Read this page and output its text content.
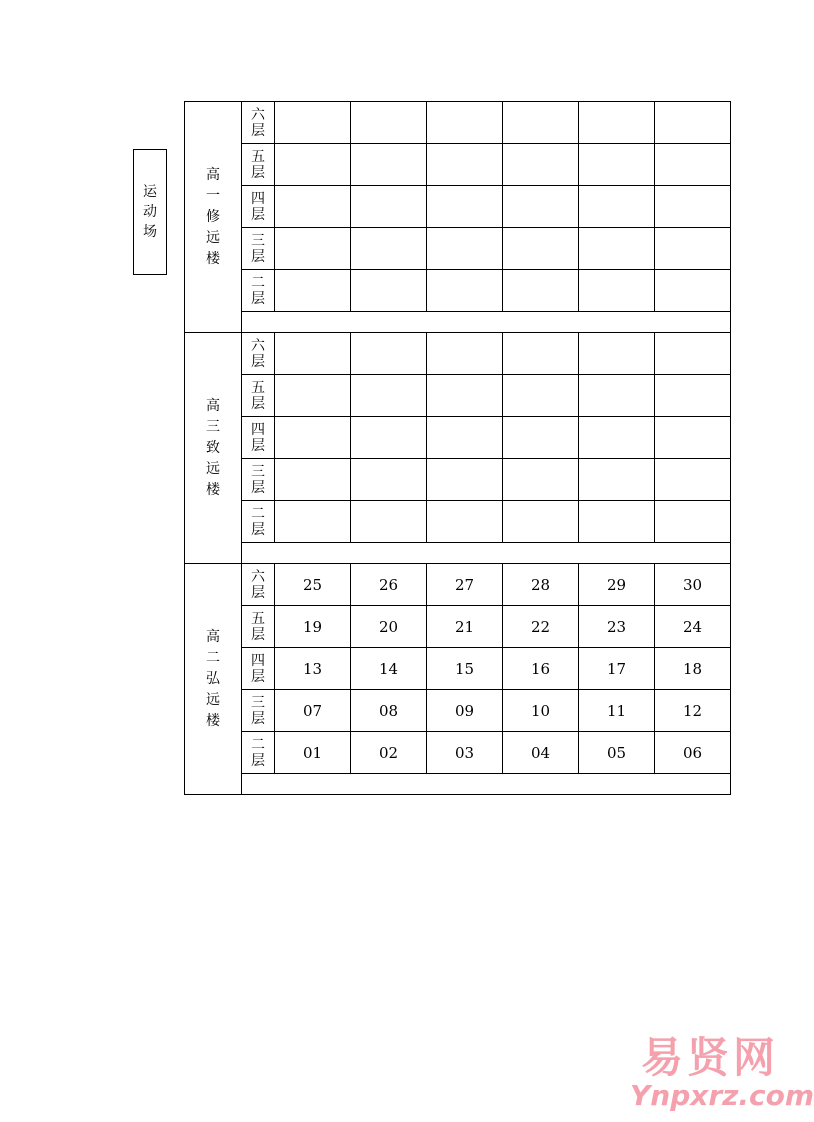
运动场
高一修远楼	六层						

	五层						

	四层						

	三层						

	二层						

高三致远楼	六层						

	五层						

	四层						

	三层						

	二层						

高二弘远楼	六层	25	26	27	28	29	30

	五层	19	20	21	22	23	24

	四层	13	14	15	16	17	18

	三层	07	08	09	10	11	12

	二层	01	02	03	04	05	06

易贤网
Ynpxrz.com
